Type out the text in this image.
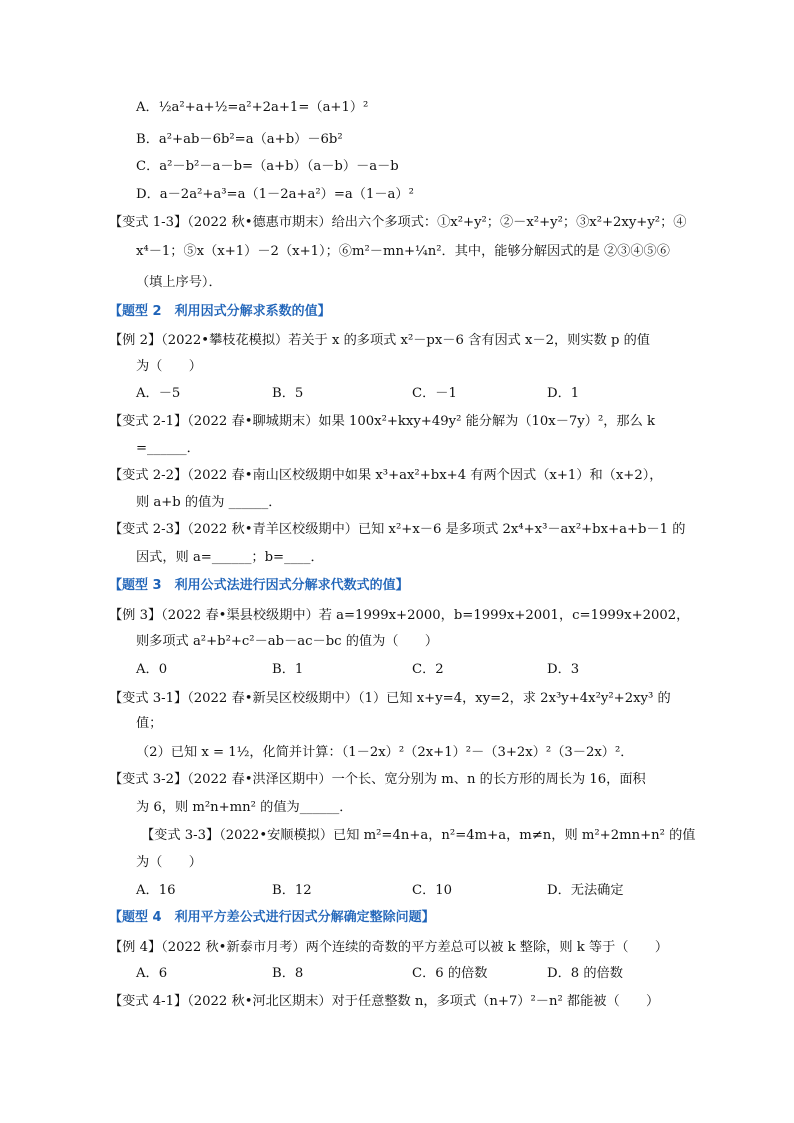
A．½a²+a+½=a²+2a+1=（a+1）²
B．a²+ab－6b²=a（a+b）－6b²
C．a²－b²－a－b=（a+b）（a－b）－a－b
D．a－2a²+a³=a（1－2a+a²）=a（1－a）²
【变式 1-3】（2022 秋•德惠市期末）给出六个多项式：①x²+y²；②－x²+y²；③x²+2xy+y²；④
x⁴－1；⑤x（x+1）－2（x+1）；⑥m²－mn+¼n²．其中，能够分解因式的是 ②③④⑤⑥
（填上序号）．
【题型 2　利用因式分解求系数的值】
【例 2】（2022•攀枝花模拟）若关于 x 的多项式 x²－px－6 含有因式 x－2，则实数 p 的值
为（　　）
A．－5	B．5	C．－1	D．1
【变式 2-1】（2022 春•聊城期末）如果 100x²+kxy+49y² 能分解为（10x－7y）²，那么 k
=______．
【变式 2-2】（2022 春•南山区校级期中如果 x³+ax²+bx+4 有两个因式（x+1）和（x+2），
则 a+b 的值为 ______．
【变式 2-3】（2022 秋•青羊区校级期中）已知 x²+x－6 是多项式 2x⁴+x³－ax²+bx+a+b－1 的
因式，则 a=______；b=____．
【题型 3　利用公式法进行因式分解求代数式的值】
【例 3】（2022 春•渠县校级期中）若 a=1999x+2000，b=1999x+2001，c=1999x+2002，
则多项式 a²+b²+c²－ab－ac－bc 的值为（　　）
A．0	B．1	C．2	D．3
【变式 3-1】（2022 春•新吴区校级期中）（1）已知 x+y=4，xy=2，求 2x³y+4x²y²+2xy³ 的
值；
（2）已知 x = 1½，化简并计算：（1－2x）²（2x+1）²－（3+2x）²（3－2x）²．
【变式 3-2】（2022 春•洪泽区期中）一个长、宽分别为 m、n 的长方形的周长为 16，面积
为 6，则 m²n+mn² 的值为______．
【变式 3-3】（2022•安顺模拟）已知 m²=4n+a，n²=4m+a，m≠n，则 m²+2mn+n² 的值
为（　　）
A．16	B．12	C．10	D．无法确定
【题型 4　利用平方差公式进行因式分解确定整除问题】
【例 4】（2022 秋•新泰市月考）两个连续的奇数的平方差总可以被 k 整除，则 k 等于（　　）
A．6	B．8	C．6 的倍数	D．8 的倍数
【变式 4-1】（2022 秋•河北区期末）对于任意整数 n，多项式（n+7）²－n² 都能被（　　）
